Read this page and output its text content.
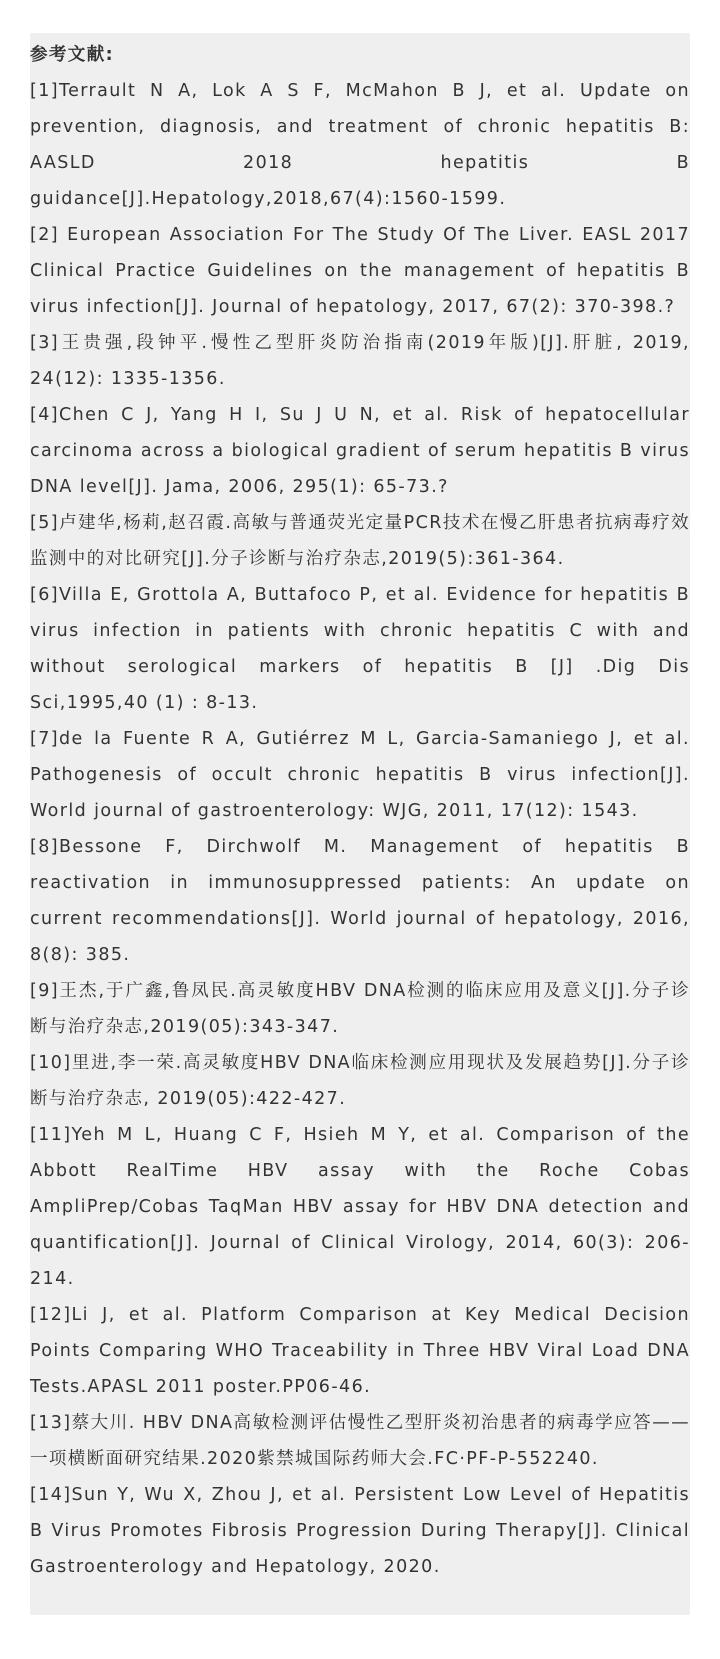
参考文献:

[1]Terrault N A, Lok A S F, McMahon B J, et al. Update on prevention, diagnosis, and treatment of chronic hepatitis B: AASLD 2018 hepatitis B guidance[J].Hepatology,2018,67(4):1560-1599.

[2] European Association For The Study Of The Liver. EASL 2017 Clinical Practice Guidelines on the management of hepatitis B virus infection[J]. Journal of hepatology, 2017, 67(2): 370-398.?

[3]王贵强,段钟平.慢性乙型肝炎防治指南(2019年版)[J].肝脏, 2019, 24(12): 1335-1356.

[4]Chen C J, Yang H I, Su J U N, et al. Risk of hepatocellular carcinoma across a biological gradient of serum hepatitis B virus DNA level[J]. Jama, 2006, 295(1): 65-73.?

[5]卢建华,杨莉,赵召霞.高敏与普通荧光定量PCR技术在慢乙肝患者抗病毒疗效监测中的对比研究[J].分子诊断与治疗杂志,2019(5):361-364.

[6]Villa E, Grottola A, Buttafoco P, et al. Evidence for hepatitis B virus infection in patients with chronic hepatitis C with and without serological markers of hepatitis B [J] .Dig Dis Sci,1995,40 (1) : 8-13.

[7]de la Fuente R A, Gutiérrez M L, Garcia-Samaniego J, et al. Pathogenesis of occult chronic hepatitis B virus infection[J]. World journal of gastroenterology: WJG, 2011, 17(12): 1543.

[8]Bessone F, Dirchwolf M. Management of hepatitis B reactivation in immunosuppressed patients: An update on current recommendations[J]. World journal of hepatology, 2016, 8(8): 385.

[9]王杰,于广鑫,鲁凤民.高灵敏度HBV DNA检测的临床应用及意义[J].分子诊断与治疗杂志,2019(05):343-347.

[10]里进,李一荣.高灵敏度HBV DNA临床检测应用现状及发展趋势[J].分子诊断与治疗杂志, 2019(05):422-427.

[11]Yeh M L, Huang C F, Hsieh M Y, et al. Comparison of the Abbott RealTime HBV assay with the Roche Cobas AmpliPrep/Cobas TaqMan HBV assay for HBV DNA detection and quantification[J]. Journal of Clinical Virology, 2014, 60(3): 206-214.

[12]Li J, et al. Platform Comparison at Key Medical Decision Points Comparing WHO Traceability in Three HBV Viral Load DNA Tests.APASL 2011 poster.PP06-46.

[13]蔡大川. HBV DNA高敏检测评估慢性乙型肝炎初治患者的病毒学应答——一项横断面研究结果.2020紫禁城国际药师大会.FC·PF-P-552240.

[14]Sun Y, Wu X, Zhou J, et al. Persistent Low Level of Hepatitis B Virus Promotes Fibrosis Progression During Therapy[J]. Clinical Gastroenterology and Hepatology, 2020.
